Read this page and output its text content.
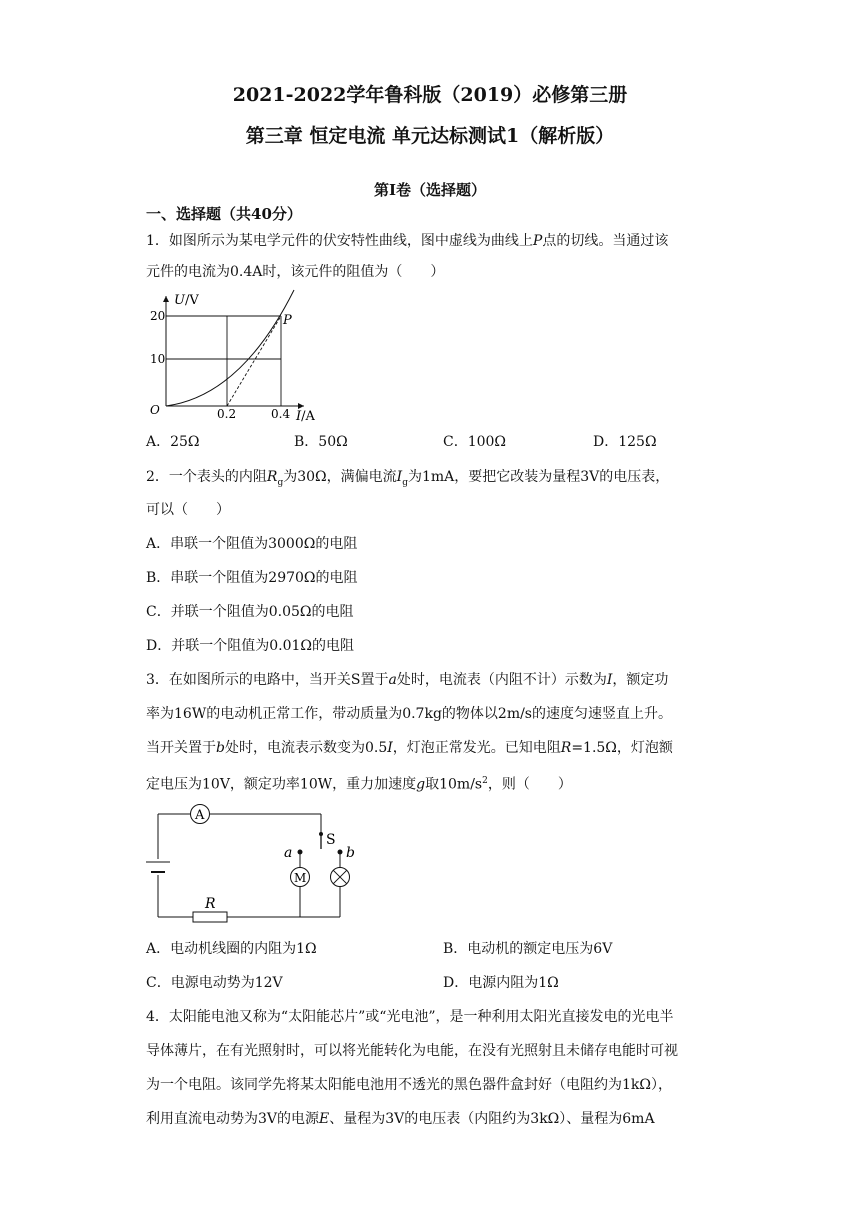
2021-2022学年鲁科版（2019）必修第三册
第三章 恒定电流 单元达标测试1（解析版）
第Ⅰ卷（选择题）
一、选择题（共40分）
1．如图所示为某电学元件的伏安特性曲线，图中虚线为曲线上P点的切线。当通过该
元件的电流为0.4A时，该元件的阻值为（　　）
U/V
I/A
20
10
O	0.2	0.4
P
A．25Ω	B．50Ω	C．100Ω	D．125Ω
2．一个表头的内阻$R_g$为30Ω，满偏电流$I_g$为1mA，要把它改装为量程3V的电压表，
可以（　　）
A．串联一个阻值为3000Ω的电阻
B．串联一个阻值为2970Ω的电阻
C．并联一个阻值为0.05Ω的电阻
D．并联一个阻值为0.01Ω的电阻
3．在如图所示的电路中，当开关S置于a处时，电流表（内阻不计）示数为I，额定功
率为16W的电动机正常工作，带动质量为0.7kg的物体以2m/s的速度匀速竖直上升。
当开关置于b处时，电流表示数变为0.5I，灯泡正常发光。已知电阻R=1.5Ω，灯泡额
定电压为10V，额定功率10W，重力加速度g取$10m/s^2$，则（　　）
A
S
a	b
M
R
A．电动机线圈的内阻为1Ω	B．电动机的额定电压为6V
C．电源电动势为12V	D．电源内阻为1Ω
4．太阳能电池又称为“太阳能芯片”或“光电池”，是一种利用太阳光直接发电的光电半
导体薄片，在有光照射时，可以将光能转化为电能，在没有光照射且未储存电能时可视
为一个电阻。该同学先将某太阳能电池用不透光的黑色器件盒封好（电阻约为1kΩ），
利用直流电动势为3V的电源E、量程为3V的电压表（内阻约为3kΩ）、量程为6mA
